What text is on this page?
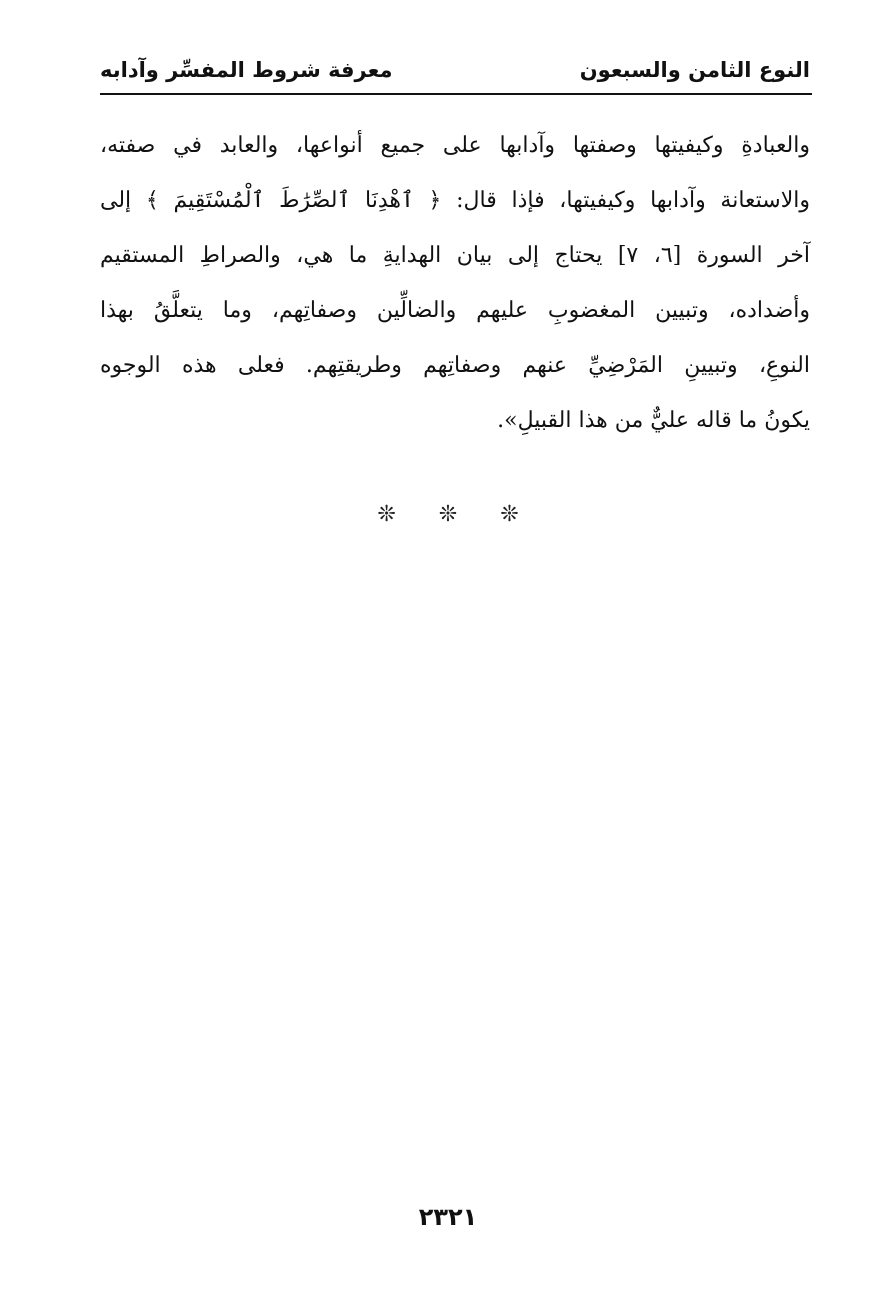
النوع الثامن والسبعون
معرفة شروط المفسِّر وآدابه
والعبادةِ وكيفيتها وصفتها وآدابها على جميع أنواعها، والعابد في صفته،
والاستعانة وآدابها وكيفيتها، فإذا قال: ﴿ ٱهْدِنَا ٱلصِّرَٰطَ ٱلْمُسْتَقِيمَ ﴾ إلى
آخر السورة [٦، ٧] يحتاج إلى بيان الهدايةِ ما هي، والصراطِ المستقيم
وأضداده، وتبيين المغضوبِ عليهم والضالِّين وصفاتِهم، وما يتعلَّقُ بهذا
النوعِ، وتبيينِ المَرْضِيِّ عنهم وصفاتِهم وطريقتِهم. فعلى هذه الوجوه
يكونُ ما قاله عليٌّ من هذا القبيلِ».
❊ ❊ ❊
٢٣٢١
